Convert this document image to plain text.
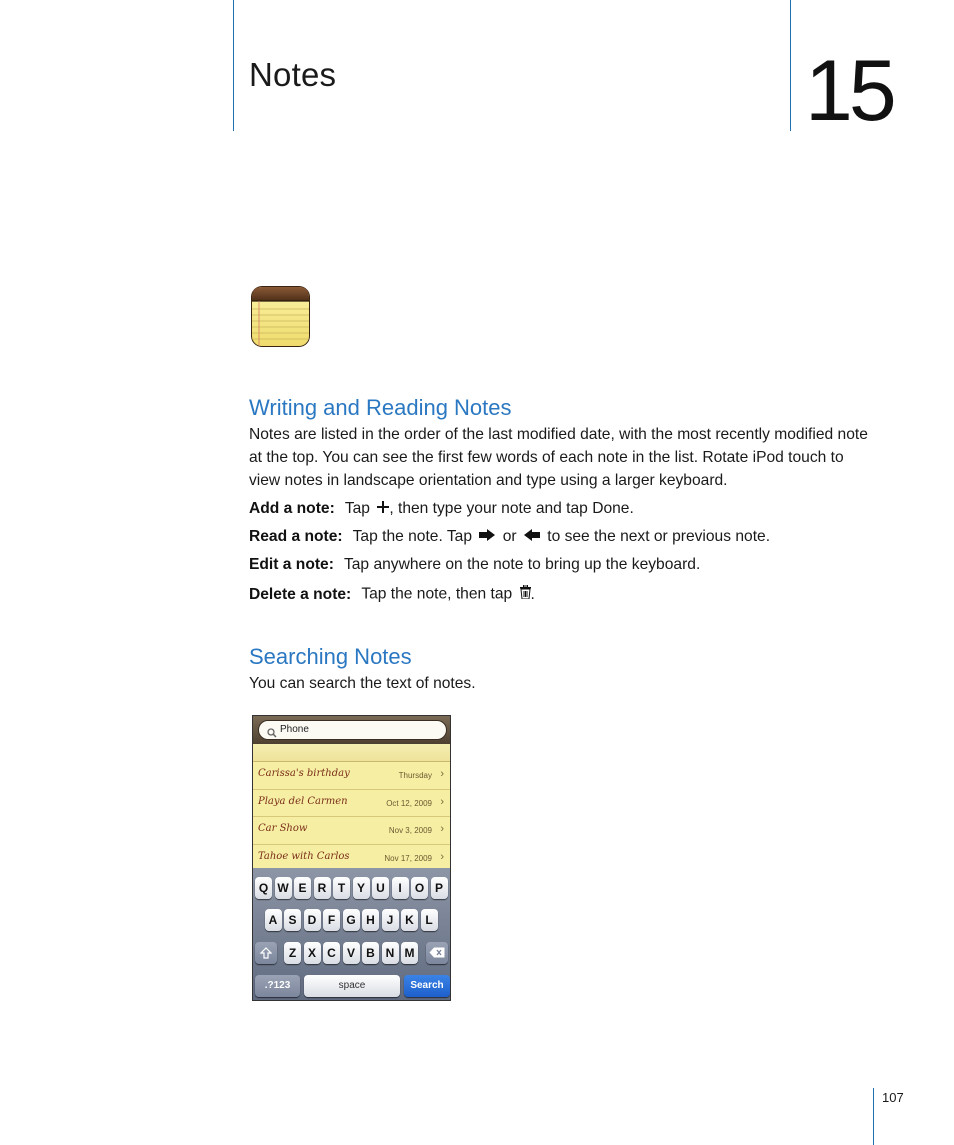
Notes	15
Writing and Reading Notes
Notes are listed in the order of the last modified date, with the most recently modified note at the top. You can see the first few words of each note in the list. Rotate iPod touch to view notes in landscape orientation and type using a larger keyboard.
Add a note: Tap , then type your note and tap Done.
Read a note: Tap the note. Tap or to see the next or previous note.
Edit a note: Tap anywhere on the note to bring up the keyboard.
Delete a note: Tap the note, then tap .
Searching Notes
You can search the text of notes.
Phone
Carissa's birthday	Thursday ›
Playa del Carmen	Oct 12, 2009 ›
Car Show	Nov 3, 2009 ›
Tahoe with Carlos	Nov 17, 2009 ›
Q W E R T Y U	I	O P
A S D F G H J K L
Z X C V B N M
.?123	space	Search
107
